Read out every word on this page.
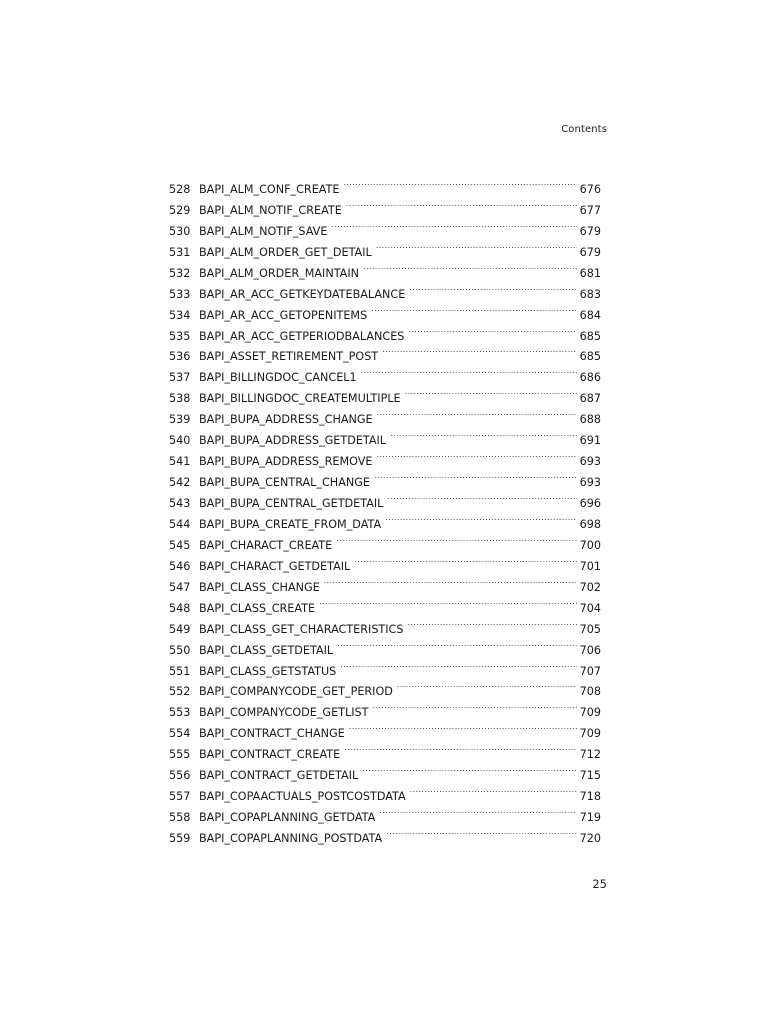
Contents
528 BAPI_ALM_CONF_CREATE .....	676
529 BAPI_ALM_NOTIF_CREATE .....	677
530 BAPI_ALM_NOTIF_SAVE .....	679
531 BAPI_ALM_ORDER_GET_DETAIL .....	679
532 BAPI_ALM_ORDER_MAINTAIN .....	681
533 BAPI_AR_ACC_GETKEYDATEBALANCE .....	683
534 BAPI_AR_ACC_GETOPENITEMS .....	684
535 BAPI_AR_ACC_GETPERIODBALANCES .....	685
536 BAPI_ASSET_RETIREMENT_POST .....	685
537 BAPI_BILLINGDOC_CANCEL1 .....	686
538 BAPI_BILLINGDOC_CREATEMULTIPLE .....	687
539 BAPI_BUPA_ADDRESS_CHANGE .....	688
540 BAPI_BUPA_ADDRESS_GETDETAIL .....	691
541 BAPI_BUPA_ADDRESS_REMOVE .....	693
542 BAPI_BUPA_CENTRAL_CHANGE .....	693
543 BAPI_BUPA_CENTRAL_GETDETAIL .....	696
544 BAPI_BUPA_CREATE_FROM_DATA .....	698
545 BAPI_CHARACT_CREATE .....	700
546 BAPI_CHARACT_GETDETAIL .....	701
547 BAPI_CLASS_CHANGE .....	702
548 BAPI_CLASS_CREATE .....	704
549 BAPI_CLASS_GET_CHARACTERISTICS .....	705
550 BAPI_CLASS_GETDETAIL .....	706
551 BAPI_CLASS_GETSTATUS .....	707
552 BAPI_COMPANYCODE_GET_PERIOD .....	708
553 BAPI_COMPANYCODE_GETLIST .....	709
554 BAPI_CONTRACT_CHANGE .....	709
555 BAPI_CONTRACT_CREATE .....	712
556 BAPI_CONTRACT_GETDETAIL .....	715
557 BAPI_COPAACTUALS_POSTCOSTDATA .....	718
558 BAPI_COPAPLANNING_GETDATA .....	719
559 BAPI_COPAPLANNING_POSTDATA .....	720
25
